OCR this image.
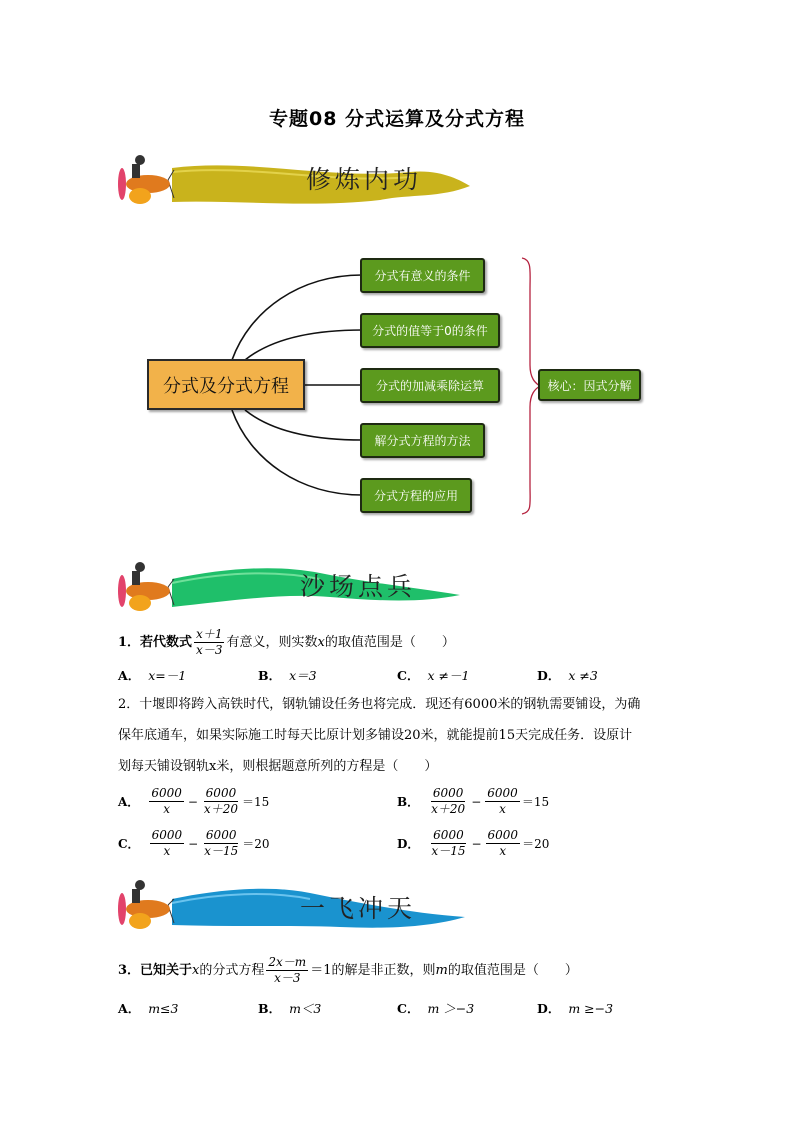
专题08 分式运算及分式方程
修炼内功
分式及分式方程
分式有意义的条件
分式的值等于0的条件
分式的加减乘除运算
解分式方程的方法
分式方程的应用
核心：因式分解
沙场点兵
1．若代数式 $\frac{x+1}{x-3}$ 有意义，则实数x的取值范围是（　　）
A． x=－1	B． x＝3	C． x ≠－1	D． x ≠3
2．十堰即将跨入高铁时代，钢轨铺设任务也将完成．现还有6000米的钢轨需要铺设，为确
保年底通车，如果实际施工时每天比原计划多铺设20米，就能提前15天完成任务．设原计
划每天铺设钢轨x米，则根据题意所列的方程是（　　）
A． $\frac{6000}{x} - \frac{6000}{x+20} =15$	B． $\frac{6000}{x+20} - \frac{6000}{x} =15$
C． $\frac{6000}{x} - \frac{6000}{x-15} =20$	D． $\frac{6000}{x-15} - \frac{6000}{x} =20$
一飞冲天
3．已知关于x的分式方程 $\frac{2x-m}{x-3} =1$的解是非正数，则m的取值范围是（　　）
A． m≤3	B． m＜3	C． m ＞−3	D． m ≥−3
